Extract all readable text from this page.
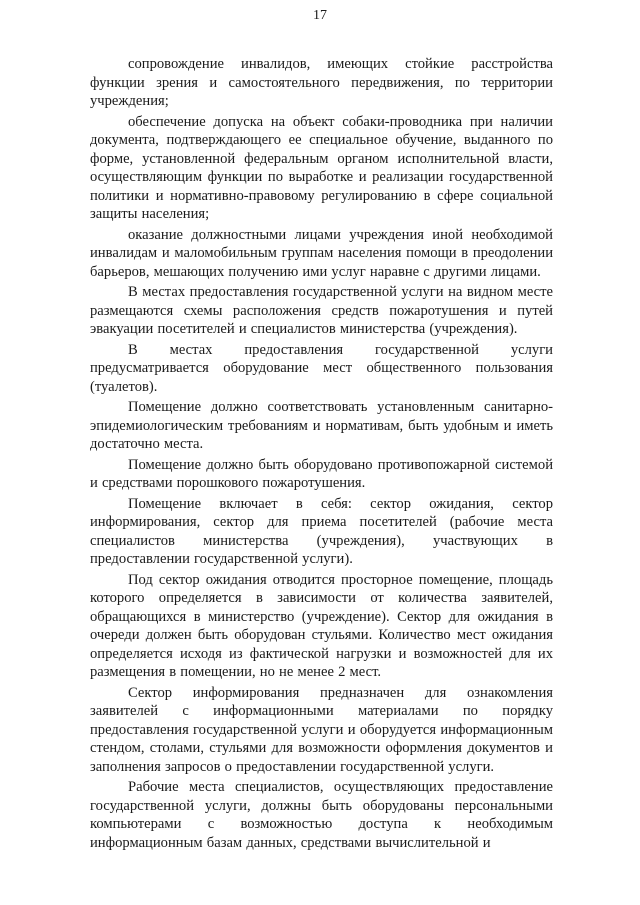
17

сопровождение инвалидов, имеющих стойкие расстройства функции зрения и самостоятельного передвижения, по территории учреждения;

обеспечение допуска на объект собаки-проводника при наличии документа, подтверждающего ее специальное обучение, выданного по форме, установленной федеральным органом исполнительной власти, осуществляющим функции по выработке и реализации государственной политики и нормативно-правовому регулированию в сфере социальной защиты населения;

оказание должностными лицами учреждения иной необходимой инвалидам и маломобильным группам населения помощи в преодолении барьеров, мешающих получению ими услуг наравне с другими лицами.

В местах предоставления государственной услуги на видном месте размещаются схемы расположения средств пожаротушения и путей эвакуации посетителей и специалистов министерства (учреждения).

В местах предоставления государственной услуги предусматривается оборудование мест общественного пользования (туалетов).

Помещение должно соответствовать установленным санитарно-эпидемиологическим требованиям и нормативам, быть удобным и иметь достаточно места.

Помещение должно быть оборудовано противопожарной системой и средствами порошкового пожаротушения.

Помещение включает в себя: сектор ожидания, сектор информирования, сектор для приема посетителей (рабочие места специалистов министерства (учреждения), участвующих в предоставлении государственной услуги).

Под сектор ожидания отводится просторное помещение, площадь которого определяется в зависимости от количества заявителей, обращающихся в министерство (учреждение). Сектор для ожидания в очереди должен быть оборудован стульями. Количество мест ожидания определяется исходя из фактической нагрузки и возможностей для их размещения в помещении, но не менее 2 мест.

Сектор информирования предназначен для ознакомления заявителей с информационными материалами по порядку предоставления государственной услуги и оборудуется информационным стендом, столами, стульями для возможности оформления документов и заполнения запросов о предоставлении государственной услуги.

Рабочие места специалистов, осуществляющих предоставление государственной услуги, должны быть оборудованы персональными компьютерами с возможностью доступа к необходимым информационным базам данных, средствами вычислительной и
